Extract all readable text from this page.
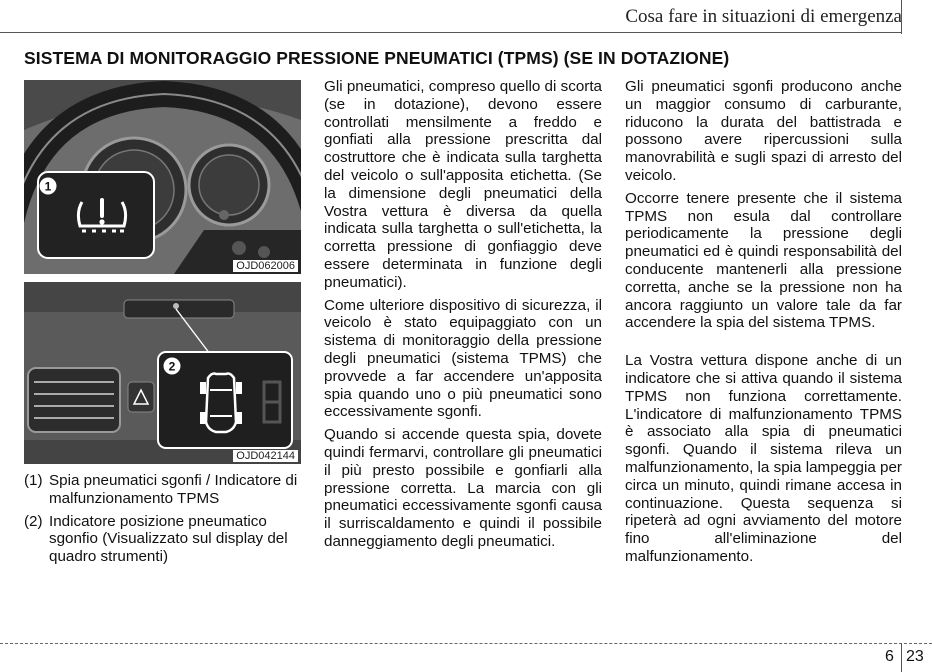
Cosa fare in situazioni di emergenza
SISTEMA DI MONITORAGGIO PRESSIONE PNEUMATICI (TPMS) (SE IN DOTAZIONE)
1
OJD062006
2
OJD042144
(1) Spia pneumatici sgonfi / Indicatore di malfunzionamento TPMS
(2) Indicatore posizione pneumatico sgonfio (Visualizzato sul display del quadro strumenti)

Gli pneumatici, compreso quello di scorta (se in dotazione), devono essere controllati mensilmente a freddo e gonfiati alla pressione prescritta dal costruttore che è indicata sulla targhetta del veicolo o sull'apposita etichetta. (Se la dimensione degli pneumatici della Vostra vettura è diversa da quella indicata sulla targhetta o sull'etichetta, la corretta pressione di gonfiaggio deve essere determinata in funzione degli pneumatici).

Come ulteriore dispositivo di sicurezza, il veicolo è stato equipaggiato con un sistema di monitoraggio della pressione degli pneumatici (sistema TPMS) che provvede a far accendere un'apposita spia quando uno o più pneumatici sono eccessivamente sgonfi.

Quando si accende questa spia, dovete quindi fermarvi, controllare gli pneumatici il più presto possibile e gonfiarli alla pressione corretta. La marcia con gli pneumatici eccessivamente sgonfi causa il surriscaldamento e quindi il possibile danneggiamento degli pneumatici.

Gli pneumatici sgonfi producono anche un maggior consumo di carburante, riducono la durata del battistrada e possono avere ripercussioni sulla manovrabilità e sugli spazi di arresto del veicolo.

Occorre tenere presente che il sistema TPMS non esula dal controllare periodicamente la pressione degli pneumatici ed è quindi responsabilità del conducente mantenerli alla pressione corretta, anche se la pressione non ha ancora raggiunto un valore tale da far accendere la spia del sistema TPMS.

La Vostra vettura dispone anche di un indicatore che si attiva quando il sistema TPMS non funziona correttamente. L'indicatore di malfunzionamento TPMS è associato alla spia di pneumatici sgonfi. Quando il sistema rileva un malfunzionamento, la spia lampeggia per circa un minuto, quindi rimane accesa in continuazione. Questa sequenza si ripeterà ad ogni avviamento del motore fino all'eliminazione del malfunzionamento.

6 23
